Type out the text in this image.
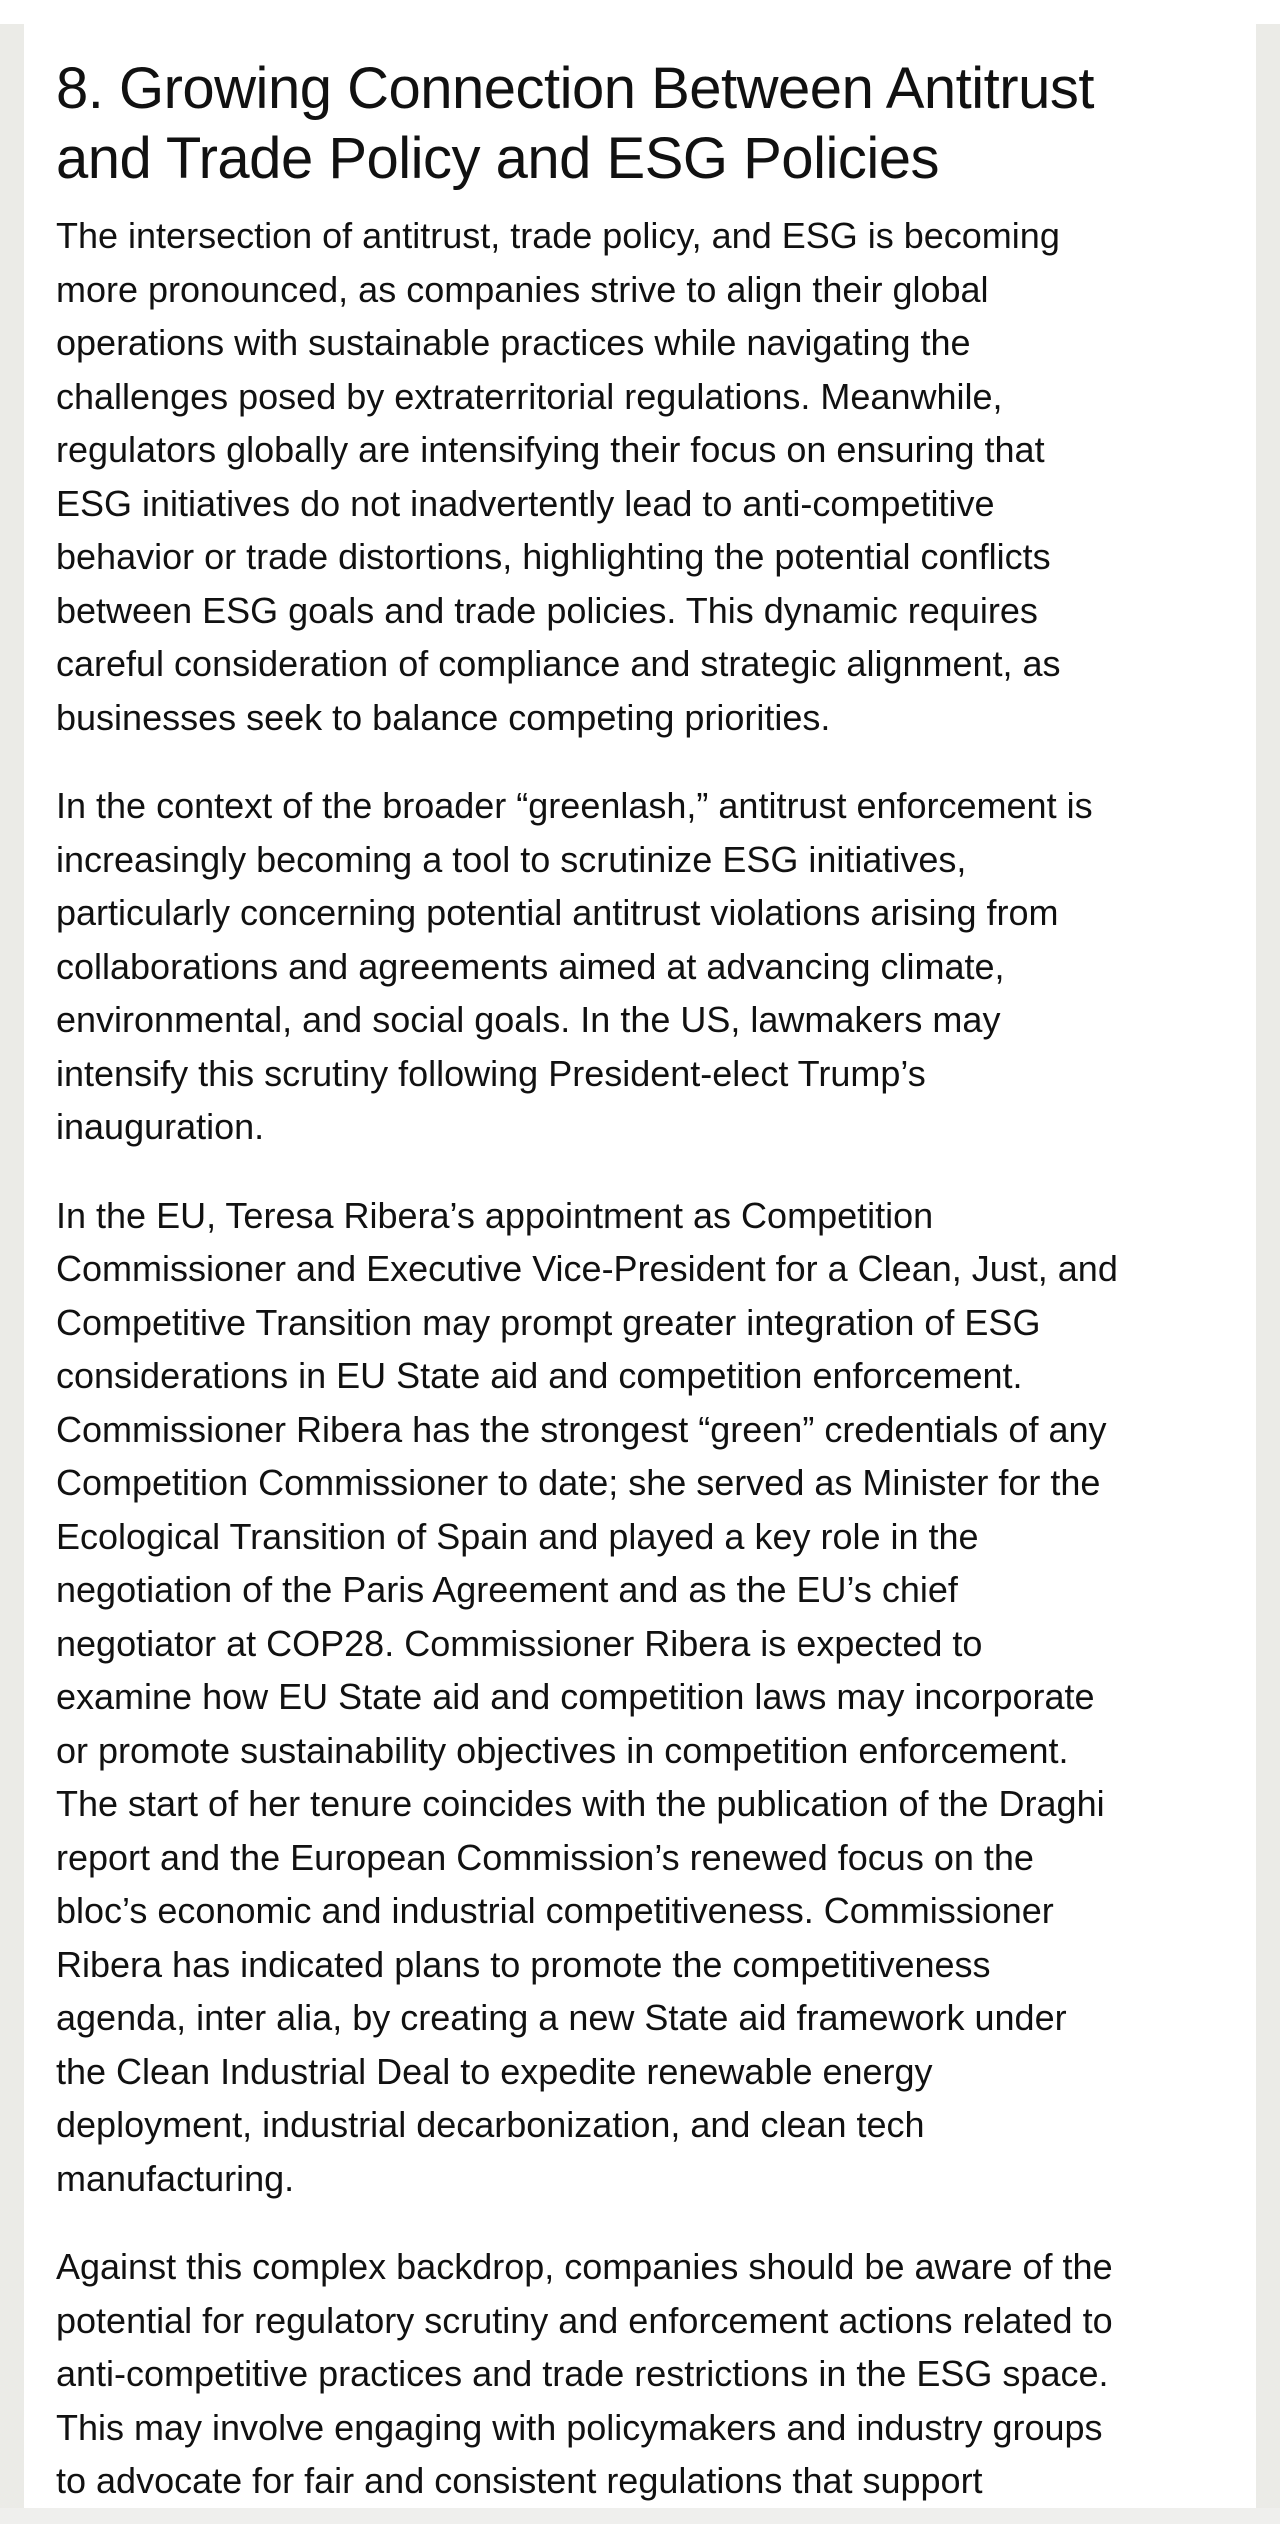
8. Growing Connection Between Antitrust
and Trade Policy and ESG Policies

The intersection of antitrust, trade policy, and ESG is becoming
more pronounced, as companies strive to align their global
operations with sustainable practices while navigating the
challenges posed by extraterritorial regulations. Meanwhile,
regulators globally are intensifying their focus on ensuring that
ESG initiatives do not inadvertently lead to anti-competitive
behavior or trade distortions, highlighting the potential conflicts
between ESG goals and trade policies. This dynamic requires
careful consideration of compliance and strategic alignment, as
businesses seek to balance competing priorities.

In the context of the broader “greenlash,” antitrust enforcement is
increasingly becoming a tool to scrutinize ESG initiatives,
particularly concerning potential antitrust violations arising from
collaborations and agreements aimed at advancing climate,
environmental, and social goals. In the US, lawmakers may
intensify this scrutiny following President-elect Trump’s
inauguration.

In the EU, Teresa Ribera’s appointment as Competition
Commissioner and Executive Vice-President for a Clean, Just, and
Competitive Transition may prompt greater integration of ESG
considerations in EU State aid and competition enforcement.
Commissioner Ribera has the strongest “green” credentials of any
Competition Commissioner to date; she served as Minister for the
Ecological Transition of Spain and played a key role in the
negotiation of the Paris Agreement and as the EU’s chief
negotiator at COP28. Commissioner Ribera is expected to
examine how EU State aid and competition laws may incorporate
or promote sustainability objectives in competition enforcement.
The start of her tenure coincides with the publication of the Draghi
report and the European Commission’s renewed focus on the
bloc’s economic and industrial competitiveness. Commissioner
Ribera has indicated plans to promote the competitiveness
agenda, inter alia, by creating a new State aid framework under
the Clean Industrial Deal to expedite renewable energy
deployment, industrial decarbonization, and clean tech
manufacturing.

Against this complex backdrop, companies should be aware of the
potential for regulatory scrutiny and enforcement actions related to
anti-competitive practices and trade restrictions in the ESG space.
This may involve engaging with policymakers and industry groups
to advocate for fair and consistent regulations that support
